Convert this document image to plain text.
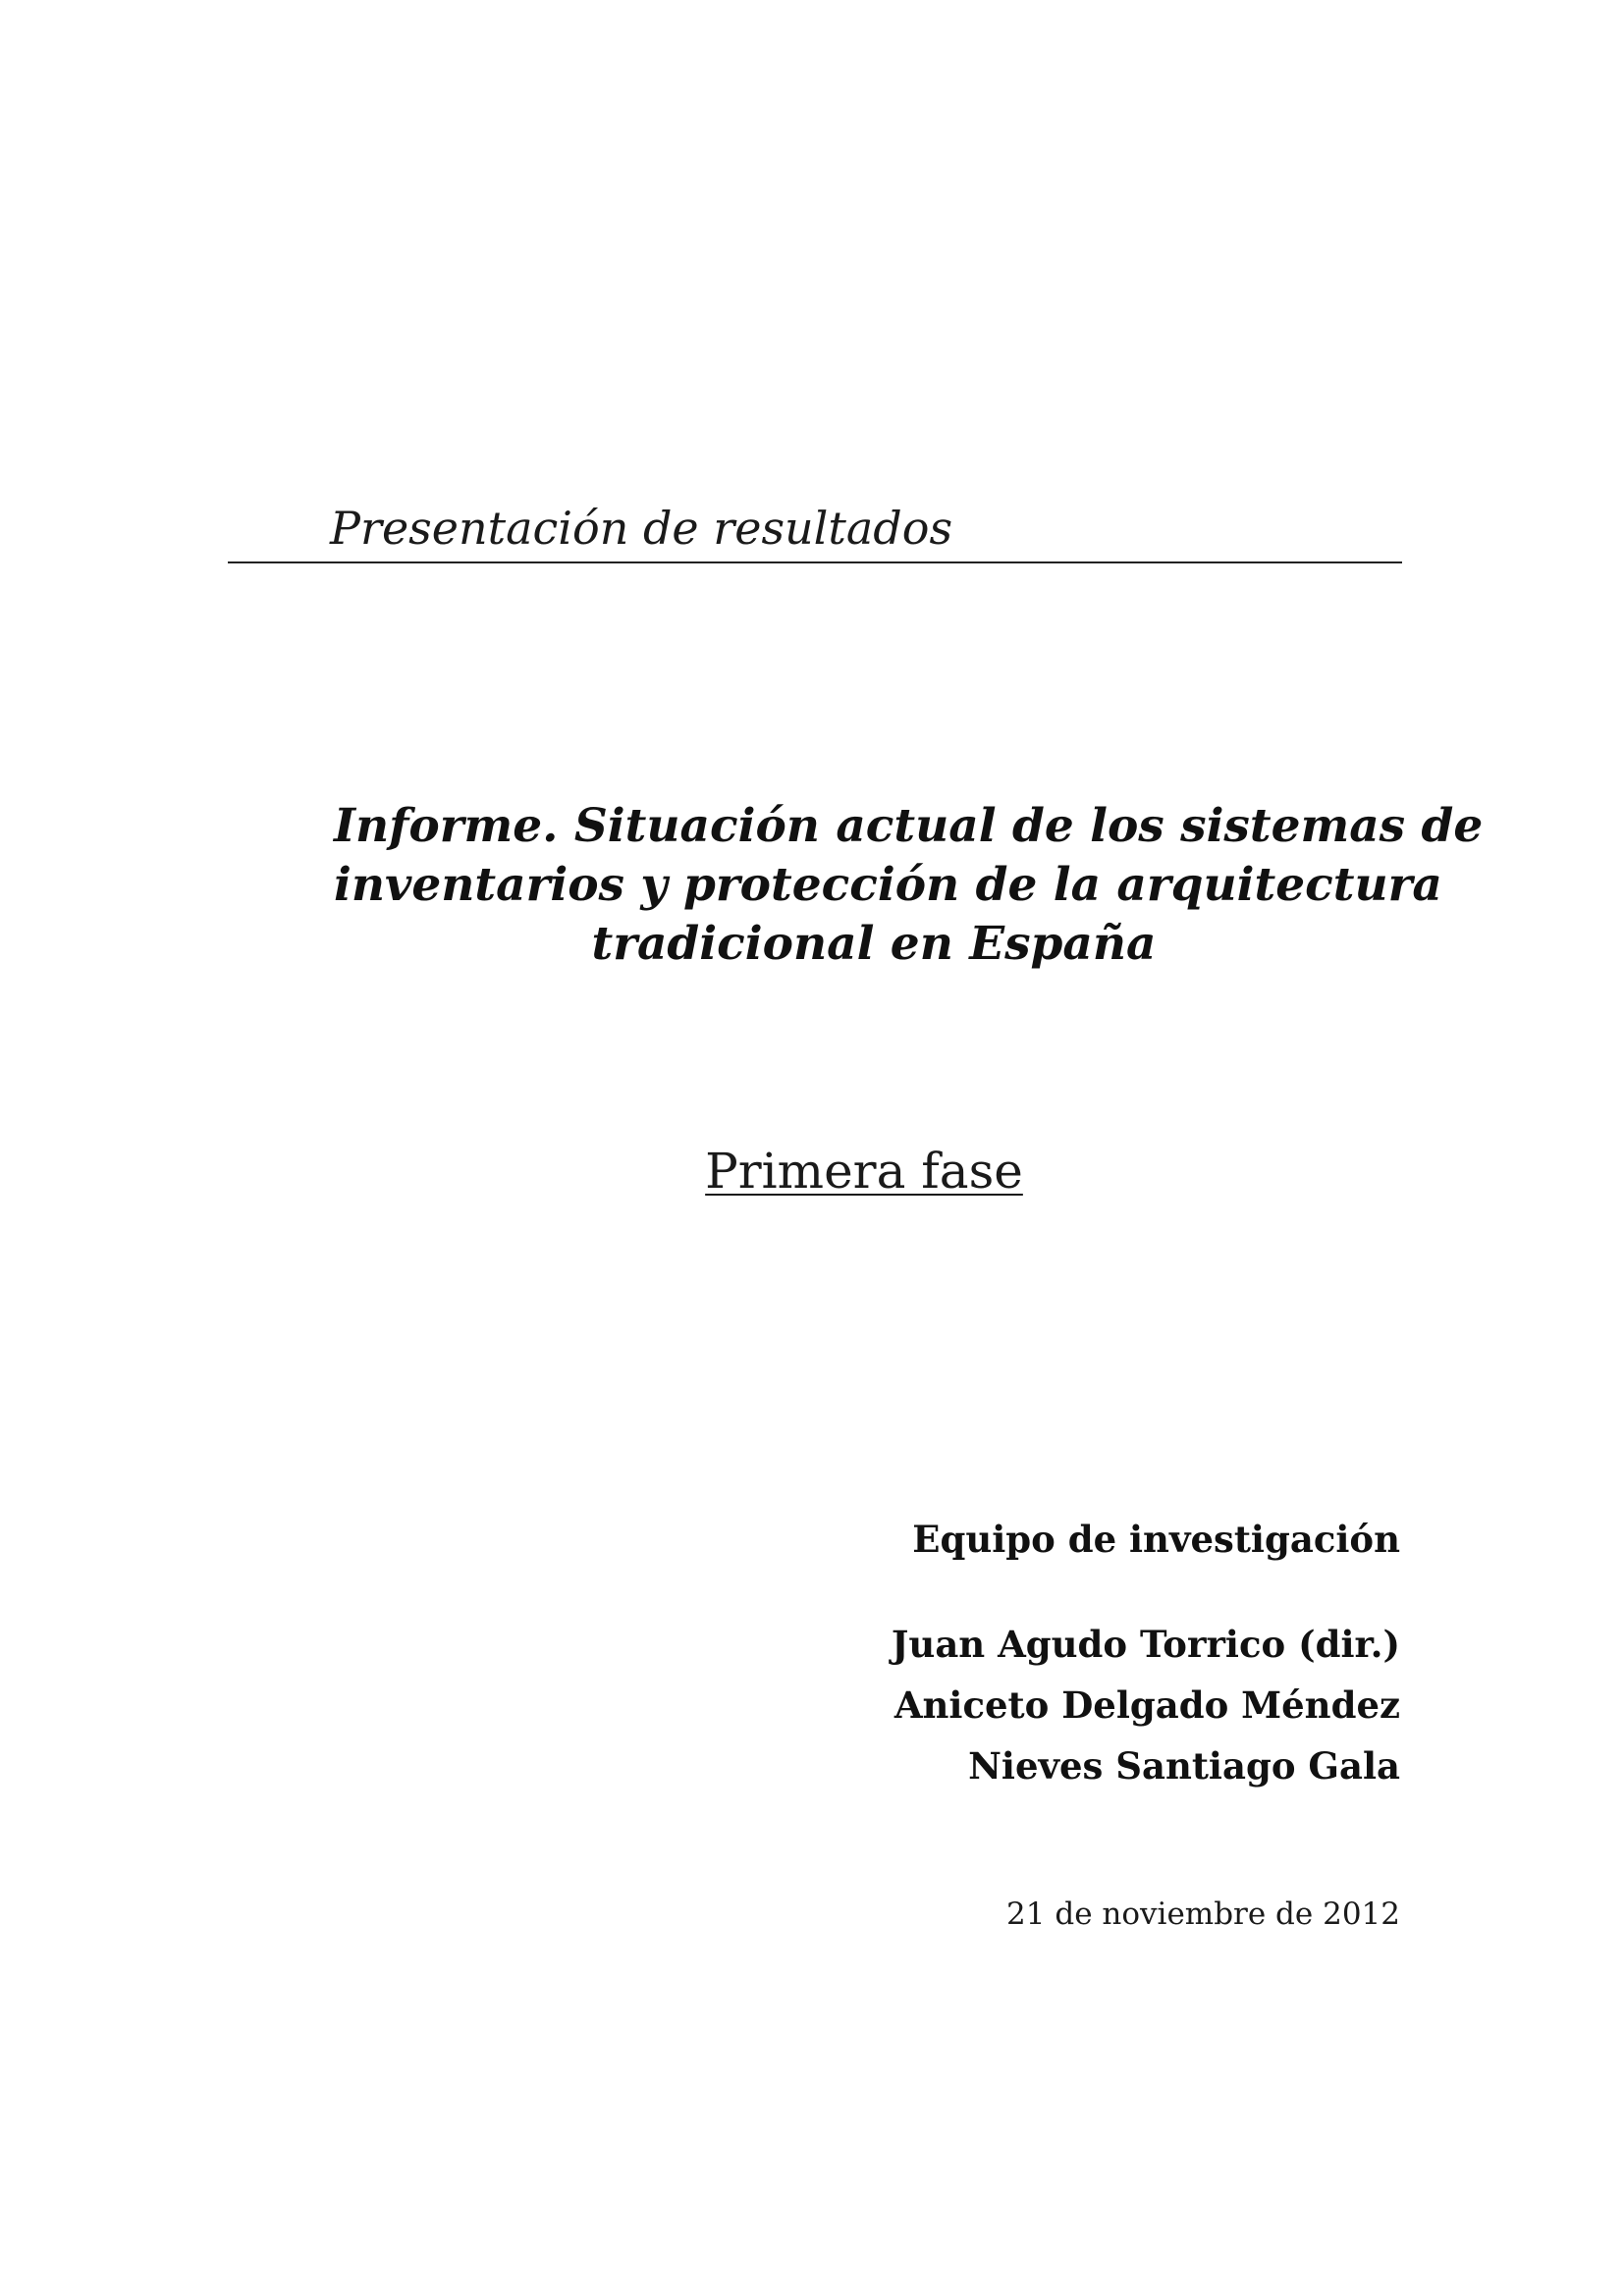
Presentación de resultados
Informe. Situación actual de los sistemas de
inventarios y protección de la arquitectura
tradicional en España
Primera fase
Equipo de investigación
Juan Agudo Torrico (dir.)
Aniceto Delgado Méndez
Nieves Santiago Gala
21 de noviembre de 2012
